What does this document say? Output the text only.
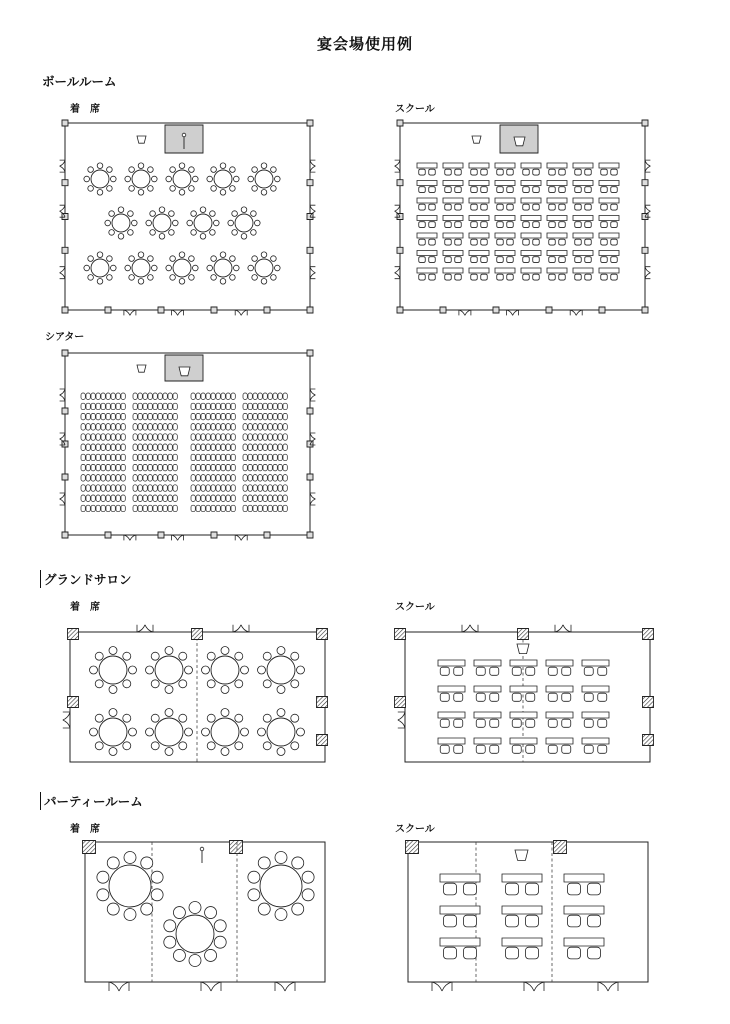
宴会場使用例
ボールルーム
着　席	スクール
シアター
グランドサロン
着　席	スクール
パーティールーム
着　席	スクール
